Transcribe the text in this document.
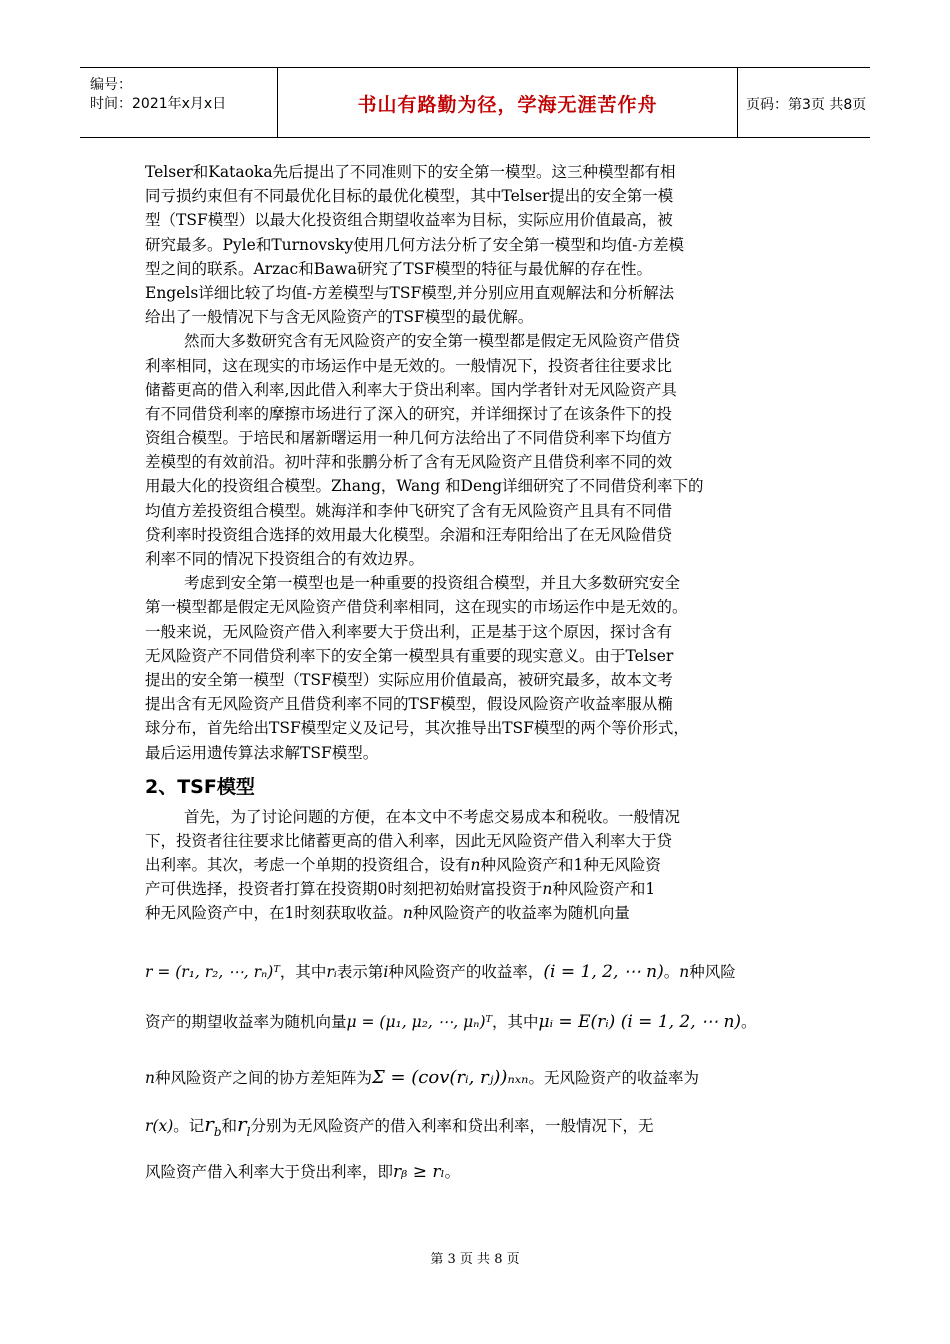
编号：
时间：2021年x月x日	书山有路勤为径，学海无涯苦作舟	页码：第3页 共8页
Telser和Kataoka先后提出了不同准则下的安全第一模型。这三种模型都有相
同亏损约束但有不同最优化目标的最优化模型，其中Telser提出的安全第一模
型（TSF模型）以最大化投资组合期望收益率为目标，实际应用价值最高，被
研究最多。Pyle和Turnovsky使用几何方法分析了安全第一模型和均值-方差模
型之间的联系。Arzac和Bawa研究了TSF模型的特征与最优解的存在性。
Engels详细比较了均值-方差模型与TSF模型,并分别应用直观解法和分析解法
给出了一般情况下与含无风险资产的TSF模型的最优解。
然而大多数研究含有无风险资产的安全第一模型都是假定无风险资产借贷
利率相同，这在现实的市场运作中是无效的。一般情况下，投资者往往要求比
储蓄更高的借入利率,因此借入利率大于贷出利率。国内学者针对无风险资产具
有不同借贷利率的摩擦市场进行了深入的研究，并详细探讨了在该条件下的投
资组合模型。于培民和屠新曙运用一种几何方法给出了不同借贷利率下均值方
差模型的有效前沿。初叶萍和张鹏分析了含有无风险资产且借贷利率不同的效
用最大化的投资组合模型。Zhang，Wang 和Deng详细研究了不同借贷利率下的
均值方差投资组合模型。姚海洋和李仲飞研究了含有无风险资产且具有不同借
贷利率时投资组合选择的效用最大化模型。余湄和汪寿阳给出了在无风险借贷
利率不同的情况下投资组合的有效边界。
考虑到安全第一模型也是一种重要的投资组合模型，并且大多数研究安全
第一模型都是假定无风险资产借贷利率相同，这在现实的市场运作中是无效的。
一般来说，无风险资产借入利率要大于贷出利，正是基于这个原因，探讨含有
无风险资产不同借贷利率下的安全第一模型具有重要的现实意义。由于Telser
提出的安全第一模型（TSF模型）实际应用价值最高，被研究最多，故本文考
提出含有无风险资产且借贷利率不同的TSF模型，假设风险资产收益率服从椭
球分布，首先给出TSF模型定义及记号，其次推导出TSF模型的两个等价形式，
最后运用遗传算法求解TSF模型。
2、TSF模型
首先，为了讨论问题的方便，在本文中不考虑交易成本和税收。一般情况
下，投资者往往要求比储蓄更高的借入利率，因此无风险资产借入利率大于贷
出利率。其次，考虑一个单期的投资组合，设有n种风险资产和1种无风险资
产可供选择，投资者打算在投资期0时刻把初始财富投资于n种风险资产和1
种无风险资产中，在1时刻获取收益。n种风险资产的收益率为随机向量
r = (r₁, r₂, ⋯, rₙ)ᵀ，其中rᵢ表示第i种风险资产的收益率，(i = 1, 2, ⋯ n)。n种风险
资产的期望收益率为随机向量μ = (μ₁, μ₂, ⋯, μₙ)ᵀ，其中μᵢ = E(rᵢ) (i = 1, 2, ⋯ n)。
n种风险资产之间的协方差矩阵为Σ = (cov(rᵢ, rⱼ))ₙₓₙ。无风险资产的收益率为
r(x)。记$r_b$和$r_l$分别为无风险资产的借入利率和贷出利率，一般情况下，无
风险资产借入利率大于贷出利率，即rᵦ ≥ rₗ。
第 3 页 共 8 页
